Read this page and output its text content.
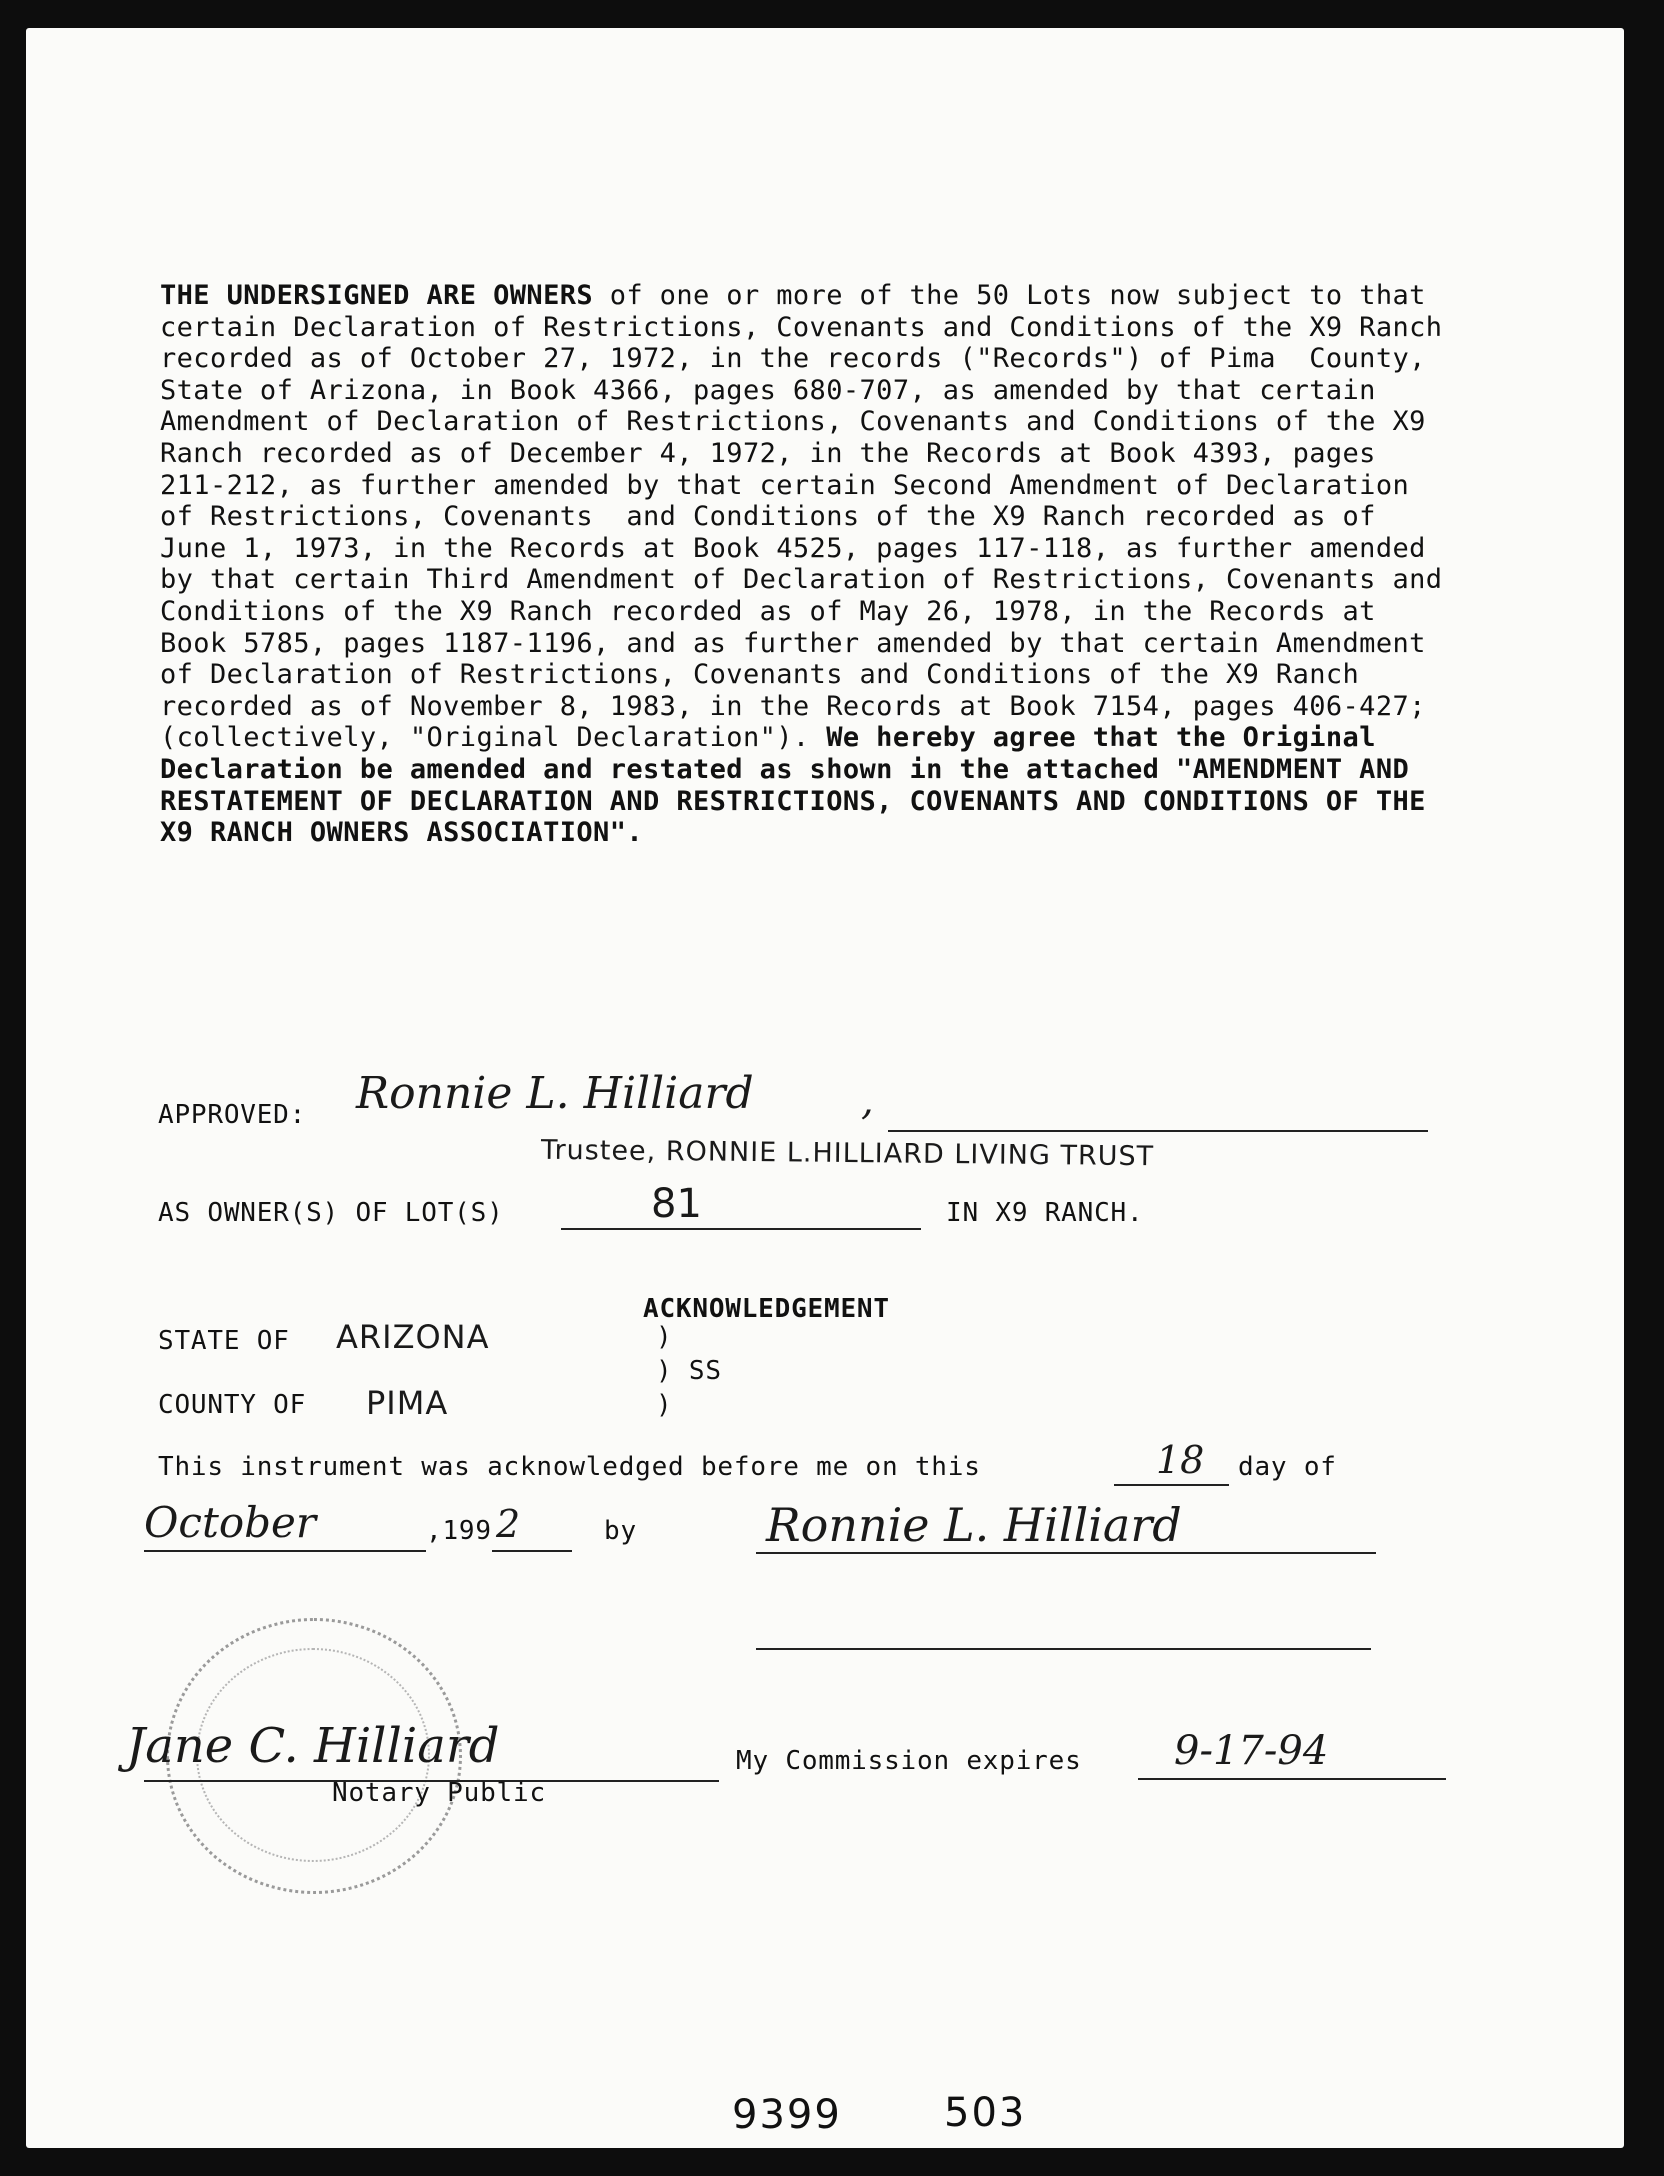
THE UNDERSIGNED ARE OWNERS of one or more of the 50 Lots now subject to that certain Declaration of Restrictions, Covenants and Conditions of the X9 Ranch recorded as of October 27, 1972, in the records ("Records") of Pima  County, State of Arizona, in Book 4366, pages 680-707, as amended by that certain Amendment of Declaration of Restrictions, Covenants and Conditions of the X9 Ranch recorded as of December 4, 1972, in the Records at Book 4393, pages 211-212, as further amended by that certain Second Amendment of Declaration of Restrictions, Covenants  and Conditions of the X9 Ranch recorded as of June 1, 1973, in the Records at Book 4525, pages 117-118, as further amended by that certain Third Amendment of Declaration of Restrictions, Covenants and Conditions of the X9 Ranch recorded as of May 26, 1978, in the Records at Book 5785, pages 1187-1196, and as further amended by that certain Amendment of Declaration of Restrictions, Covenants and Conditions of the X9 Ranch recorded as of November 8, 1983, in the Records at Book 7154, pages 406-427; (collectively, "Original Declaration"). We hereby agree that the Original Declaration be amended and restated as shown in the attached "AMENDMENT AND RESTATEMENT OF DECLARATION AND RESTRICTIONS, COVENANTS AND CONDITIONS OF THE X9 RANCH OWNERS ASSOCIATION".
APPROVED: Ronnie L. Hilliard	,
Trustee, RONNIE L.HILLIARD LIVING TRUST
AS OWNER(S) OF LOT(S)	81	IN X9 RANCH.
ACKNOWLEDGEMENT
STATE OF ARIZONA	)
) SS
COUNTY OF PIMA	)
This instrument was acknowledged before me on this	18 day of
October	,199 2	by	Ronnie L. Hilliard
Jane C. Hilliard
Notary Public
My Commission expires 9-17-94
9399	503
